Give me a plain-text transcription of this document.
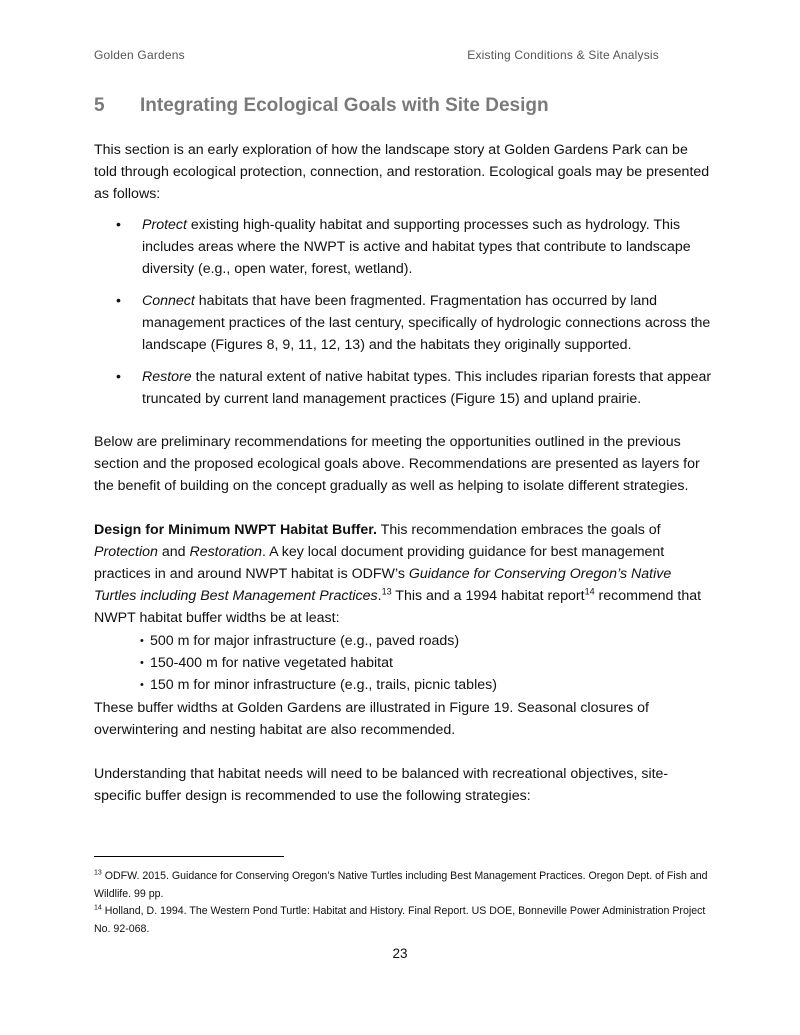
Golden Gardens	Existing Conditions & Site Analysis
5 Integrating Ecological Goals with Site Design

This section is an early exploration of how the landscape story at Golden Gardens Park can be told through ecological protection, connection, and restoration. Ecological goals may be presented as follows:

• Protect existing high-quality habitat and supporting processes such as hydrology. This includes areas where the NWPT is active and habitat types that contribute to landscape diversity (e.g., open water, forest, wetland).
• Connect habitats that have been fragmented. Fragmentation has occurred by land management practices of the last century, specifically of hydrologic connections across the landscape (Figures 8, 9, 11, 12, 13) and the habitats they originally supported.
• Restore the natural extent of native habitat types. This includes riparian forests that appear truncated by current land management practices (Figure 15) and upland prairie.

Below are preliminary recommendations for meeting the opportunities outlined in the previous section and the proposed ecological goals above. Recommendations are presented as layers for the benefit of building on the concept gradually as well as helping to isolate different strategies.

Design for Minimum NWPT Habitat Buffer. This recommendation embraces the goals of Protection and Restoration. A key local document providing guidance for best management practices in and around NWPT habitat is ODFW’s Guidance for Conserving Oregon’s Native Turtles including Best Management Practices.$^{13}$ This and a 1994 habitat report$^{14}$ recommend that NWPT habitat buffer widths be at least:

• 500 m for major infrastructure (e.g., paved roads)
• 150-400 m for native vegetated habitat
• 150 m for minor infrastructure (e.g., trails, picnic tables)

These buffer widths at Golden Gardens are illustrated in Figure 19. Seasonal closures of overwintering and nesting habitat are also recommended.

Understanding that habitat needs will need to be balanced with recreational objectives, site-specific buffer design is recommended to use the following strategies:

$^{13}$ ODFW. 2015. Guidance for Conserving Oregon’s Native Turtles including Best Management Practices. Oregon Dept. of Fish and Wildlife. 99 pp.

$^{14}$ Holland, D. 1994. The Western Pond Turtle: Habitat and History. Final Report. US DOE, Bonneville Power Administration Project No. 92-068.

23
